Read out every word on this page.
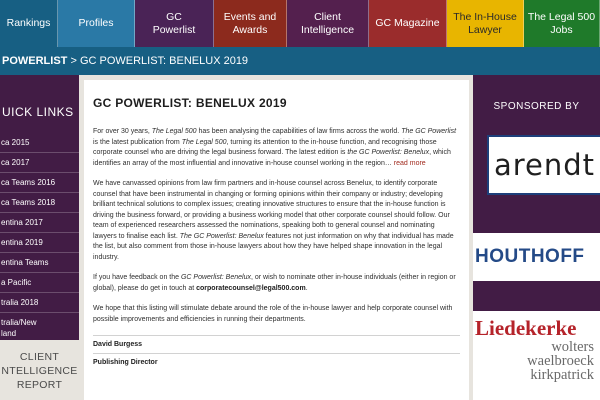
Rankings	Profiles
GC
Powerlist
Events and
Awards
Client
Intelligence
GC Magazine
The In-House
Lawyer
The Legal 500
Jobs
POWERLIST > GC POWERLIST: BENELUX 2019
UICK LINKS
ca 2015
ca 2017
ca Teams 2016
ca Teams 2018
entina 2017
entina 2019
entina Teams
a Pacific
tralia 2018
tralia/New
land
CLIENT
NTELLIGENCE
REPORT
GC POWERLIST: BENELUX 2019

For over 30 years, The Legal 500 has been analysing the capabilities of law firms across the world. The GC Powerlist is the latest publication from The Legal 500, turning its attention to the in-house function, and recognising those corporate counsel who are driving the legal business forward. The latest edition is the GC Powerlist: Benelux, which identifies an array of the most influential and innovative in-house counsel working in the region… read more

We have canvassed opinions from law firm partners and in-house counsel across Benelux, to identify corporate counsel that have been instrumental in changing or forming opinions within their company or industry; developing brilliant technical solutions to complex issues; creating innovative structures to ensure that the in-house function is driving the business forward, or providing a business working model that other corporate counsel should follow. Our team of experienced researchers assessed the nominations, speaking both to general counsel and nominating lawyers to finalise each list. The GC Powerlist: Benelux features not just information on why that individual has made the list, but also comment from those in-house lawyers about how they have helped shape innovation in the legal industry.

If you have feedback on the GC Powerlist: Benelux, or wish to nominate other in-house individuals (either in region or global), please do get in touch at corporatecounsel@legal500.com.

We hope that this listing will stimulate debate around the role of the in-house lawyer and help corporate counsel with possible improvements and efficiencies in running their departments.

David Burgess
Publishing Director
SPONSORED BY
arendt
HOUTHOFF
Liedekerke
wolters
waelbroeck
kirkpatrick
